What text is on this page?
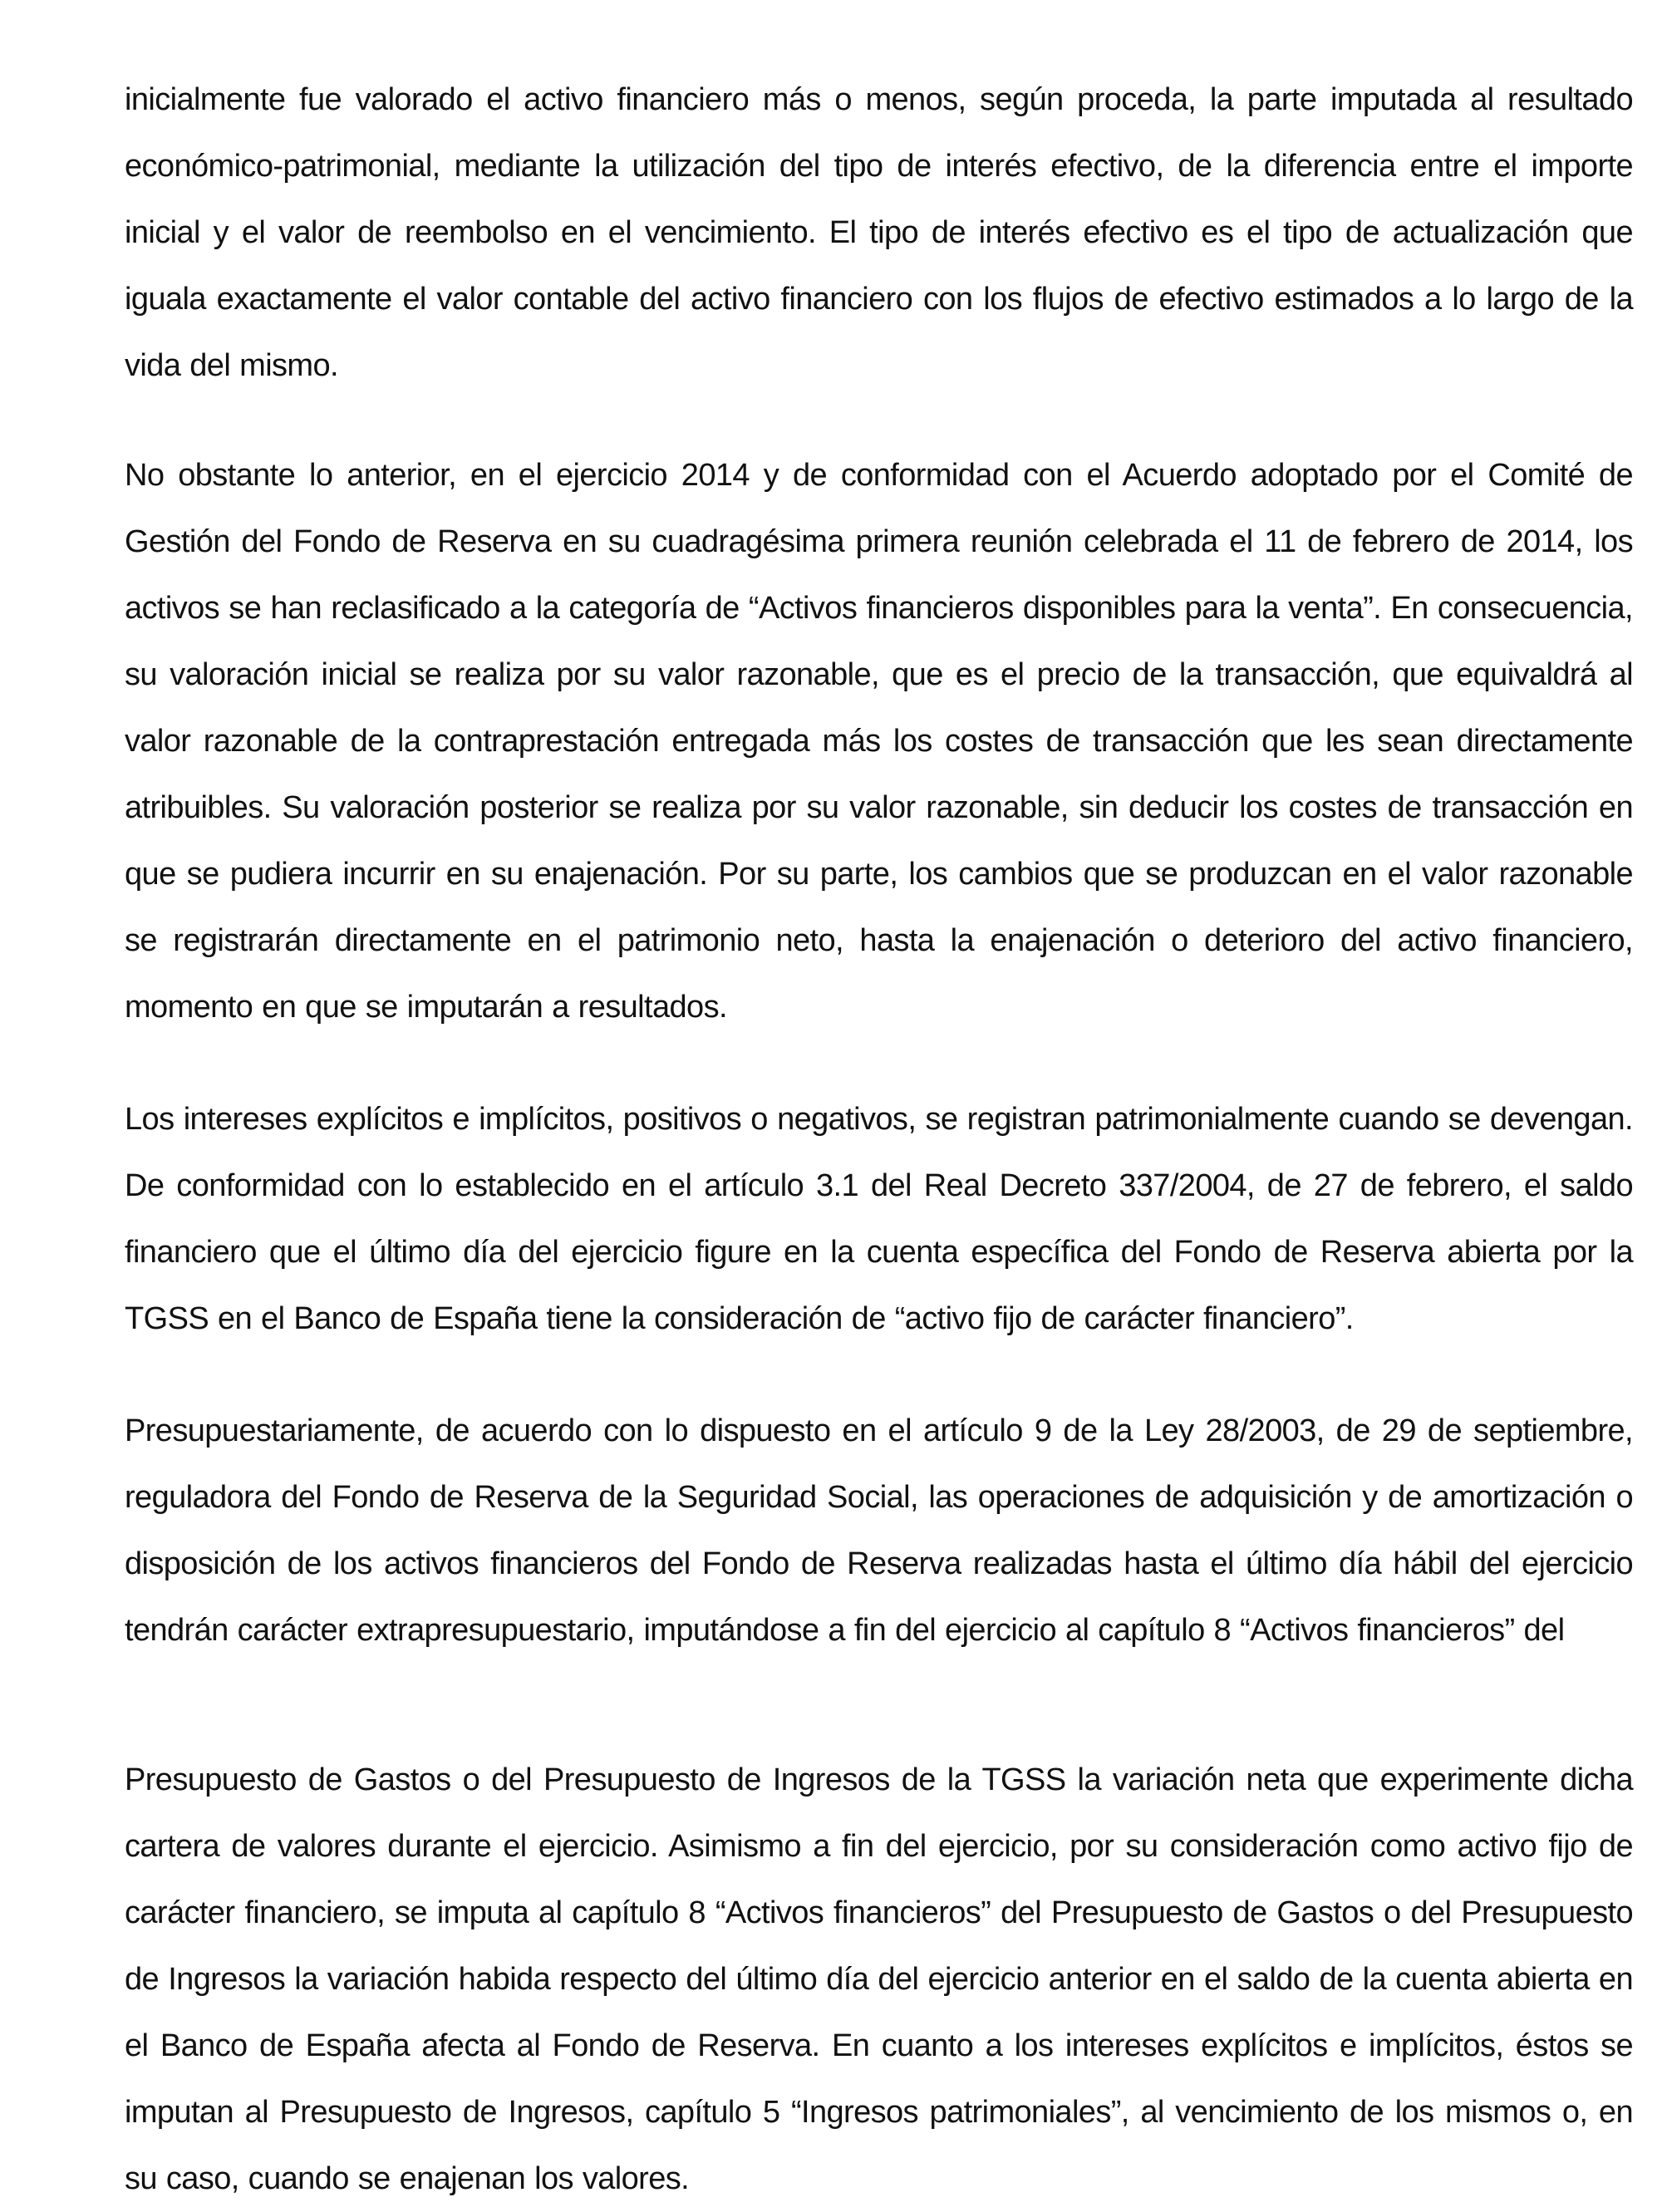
inicialmente fue valorado el activo financiero más o menos, según proceda, la parte imputada al resultado económico-patrimonial, mediante la utilización del tipo de interés efectivo, de la diferencia entre el importe inicial y el valor de reembolso en el vencimiento. El tipo de interés efectivo es el tipo de actualización que iguala exactamente el valor contable del activo financiero con los flujos de efectivo estimados a lo largo de la vida del mismo.

No obstante lo anterior, en el ejercicio 2014 y de conformidad con el Acuerdo adoptado por el Comité de Gestión del Fondo de Reserva en su cuadragésima primera reunión celebrada el 11 de febrero de 2014, los activos se han reclasificado a la categoría de “Activos financieros disponibles para la venta”. En consecuencia, su valoración inicial se realiza por su valor razonable, que es el precio de la transacción, que equivaldrá al valor razonable de la contraprestación entregada más los costes de transacción que les sean directamente atribuibles. Su valoración posterior se realiza por su valor razonable, sin deducir los costes de transacción en que se pudiera incurrir en su enajenación. Por su parte, los cambios que se produzcan en el valor razonable se registrarán directamente en el patrimonio neto, hasta la enajenación o deterioro del activo financiero, momento en que se imputarán a resultados.

Los intereses explícitos e implícitos, positivos o negativos, se registran patrimonialmente cuando se devengan. De conformidad con lo establecido en el artículo 3.1 del Real Decreto 337/2004, de 27 de febrero, el saldo financiero que el último día del ejercicio figure en la cuenta específica del Fondo de Reserva abierta por la TGSS en el Banco de España tiene la consideración de “activo fijo de carácter financiero”.

Presupuestariamente, de acuerdo con lo dispuesto en el artículo 9 de la Ley 28/2003, de 29 de septiembre, reguladora del Fondo de Reserva de la Seguridad Social, las operaciones de adquisición y de amortización o disposición de los activos financieros del Fondo de Reserva realizadas hasta el último día hábil del ejercicio tendrán carácter extrapresupuestario, imputándose a fin del ejercicio al capítulo 8 “Activos financieros” del

Presupuesto de Gastos o del Presupuesto de Ingresos de la TGSS la variación neta que experimente dicha cartera de valores durante el ejercicio. Asimismo a fin del ejercicio, por su consideración como activo fijo de carácter financiero, se imputa al capítulo 8 “Activos financieros” del Presupuesto de Gastos o del Presupuesto de Ingresos la variación habida respecto del último día del ejercicio anterior en el saldo de la cuenta abierta en el Banco de España afecta al Fondo de Reserva. En cuanto a los intereses explícitos e implícitos, éstos se imputan al Presupuesto de Ingresos, capítulo 5 “Ingresos patrimoniales”, al vencimiento de los mismos o, en su caso, cuando se enajenan los valores.
